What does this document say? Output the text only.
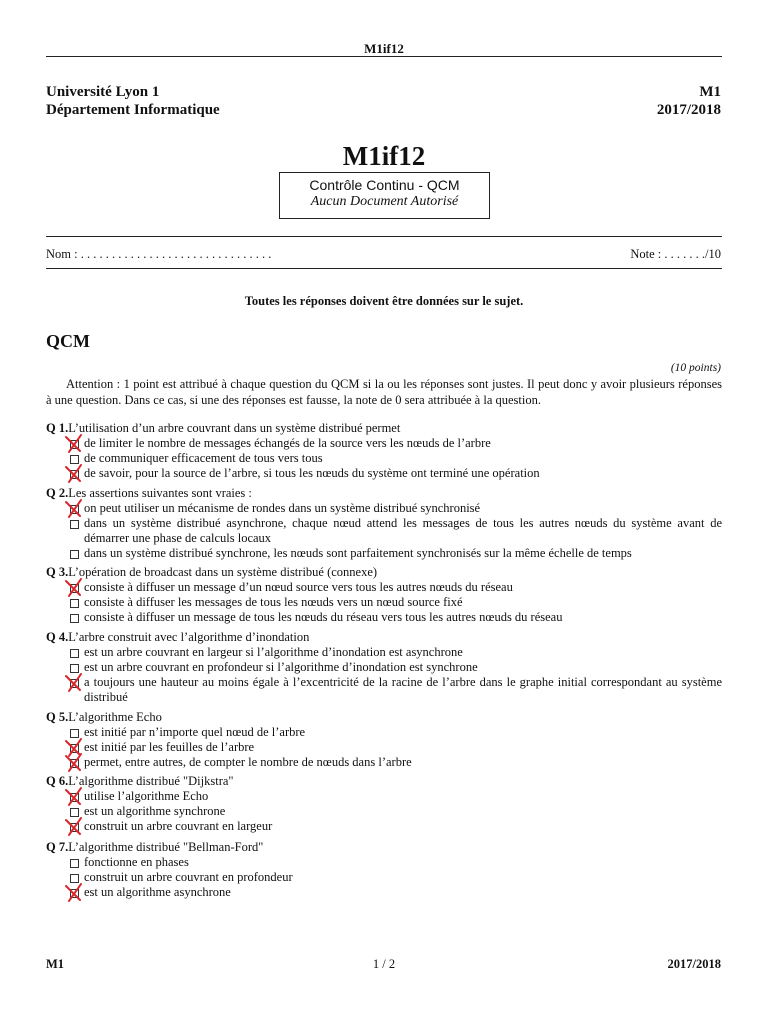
M1if12
Université Lyon 1
Département Informatique
M1
2017/2018
M1if12
Contrôle Continu - QCM
Aucun Document Autorisé
Nom : . . . . . . . . . . . . . . . . . . . . . . . . . . . . . . .	Note : . . . . . . ./10
Toutes les réponses doivent être données sur le sujet.
QCM
(10 points)
Attention : 1 point est attribué à chaque question du QCM si la ou les réponses sont justes. Il peut donc y avoir plusieurs réponses à une question. Dans ce cas, si une des réponses est fausse, la note de 0 sera attribuée à la question.
Q 1.L’utilisation d’un arbre couvrant dans un système distribué permet
de limiter le nombre de messages échangés de la source vers les nœuds de l’arbre
de communiquer efficacement de tous vers tous
de savoir, pour la source de l’arbre, si tous les nœuds du système ont terminé une opération
Q 2.Les assertions suivantes sont vraies :
on peut utiliser un mécanisme de rondes dans un système distribué synchronisé
dans un système distribué asynchrone, chaque nœud attend les messages de tous les autres nœuds du système avant de démarrer une phase de calculs locaux
dans un système distribué synchrone, les nœuds sont parfaitement synchronisés sur la même échelle de temps
Q 3.L’opération de broadcast dans un système distribué (connexe)
consiste à diffuser un message d’un nœud source vers tous les autres nœuds du réseau
consiste à diffuser les messages de tous les nœuds vers un nœud source fixé
consiste à diffuser un message de tous les nœuds du réseau vers tous les autres nœuds du réseau
Q 4.L’arbre construit avec l’algorithme d’inondation
est un arbre couvrant en largeur si l’algorithme d’inondation est asynchrone
est un arbre couvrant en profondeur si l’algorithme d’inondation est synchrone
a toujours une hauteur au moins égale à l’excentricité de la racine de l’arbre dans le graphe initial correspondant au système distribué
Q 5.L’algorithme Echo
est initié par n’importe quel nœud de l’arbre
est initié par les feuilles de l’arbre
permet, entre autres, de compter le nombre de nœuds dans l’arbre
Q 6.L’algorithme distribué "Dijkstra"
utilise l’algorithme Echo
est un algorithme synchrone
construit un arbre couvrant en largeur
Q 7.L’algorithme distribué "Bellman-Ford"
fonctionne en phases
construit un arbre couvrant en profondeur
est un algorithme asynchrone
M1	1 / 2	2017/2018
